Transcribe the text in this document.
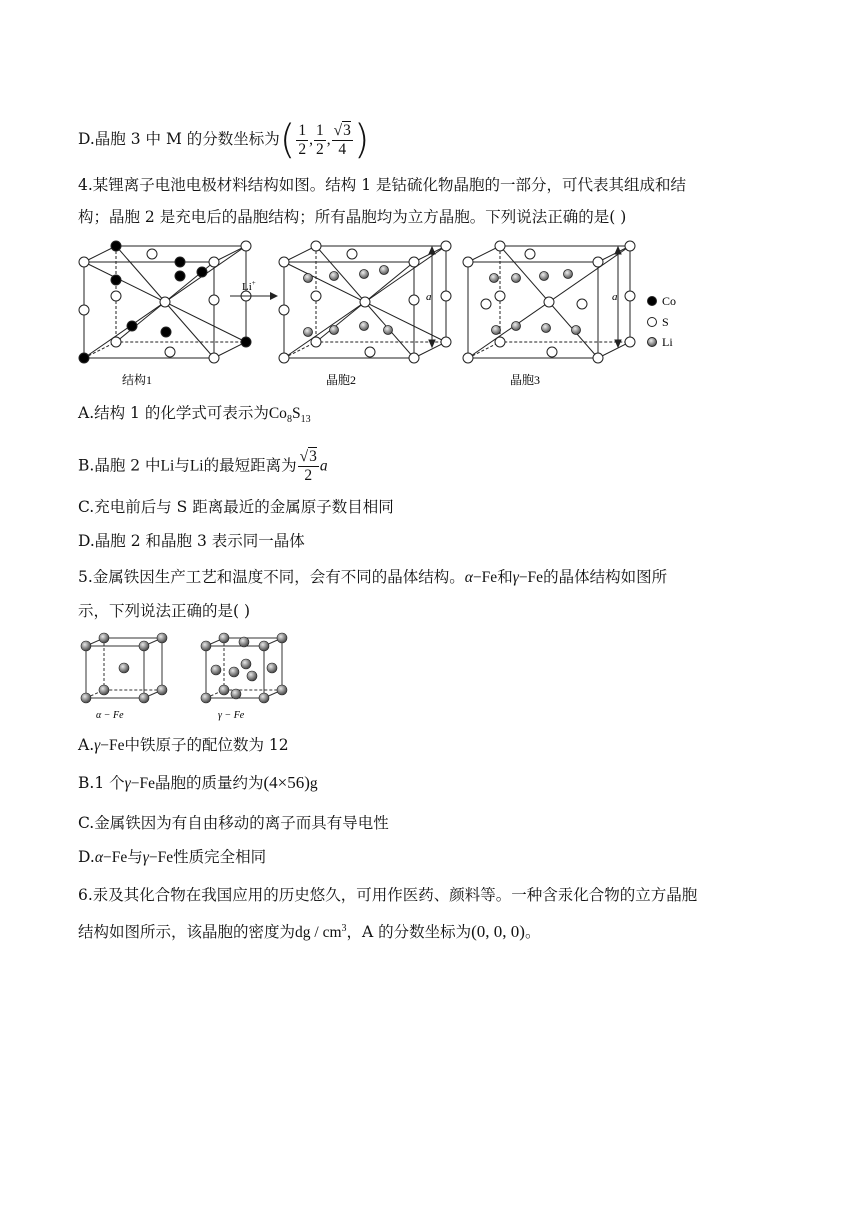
D.晶胞 3 中 M 的分数坐标为( $\frac{1}{2}$ , $\frac{1}{2}$ , $\frac{√3}{4}$ )
4.某锂离子电池电极材料结构如图。结构 1 是钴硫化物晶胞的一部分，可代表其组成和结
构；晶胞 2 是充电后的晶胞结构；所有晶胞均为立方晶胞。下列说法正确的是( )
结构1
Li+
a
晶胞2
a
晶胞3
Co
S
Li
A.结构 1 的化学式可表示为$Co_8S_{13}$
B.晶胞 2 中Li与Li的最短距离为 $\frac{√3}{2}$ a
C.充电前后与 S 距离最近的金属原子数目相同
D.晶胞 2 和晶胞 3 表示同一晶体
5.金属铁因生产工艺和温度不同，会有不同的晶体结构。α−Fe和γ−Fe的晶体结构如图所
示，下列说法正确的是( )
α − Fe	γ − Fe
A.γ−Fe中铁原子的配位数为 12
B.1 个γ−Fe晶胞的质量约为(4×56)g
C.金属铁因为有自由移动的离子而具有导电性
D.α−Fe与γ−Fe性质完全相同
6.汞及其化合物在我国应用的历史悠久，可用作医药、颜料等。一种含汞化合物的立方晶胞
结构如图所示，该晶胞的密度为dg / $cm^3$，A 的分数坐标为(0, 0, 0)。
